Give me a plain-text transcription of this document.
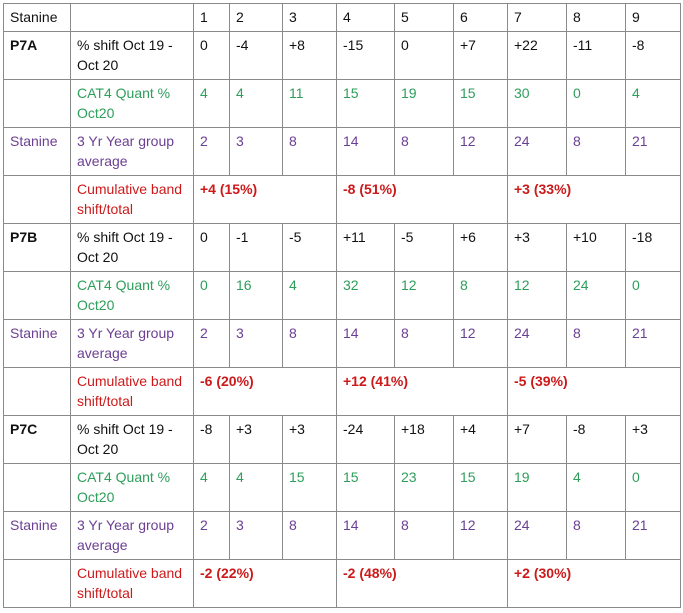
Stanine		1	2	3	4	5	6	7	8	9
P7A	% shift Oct 19 - Oct 20	0	-4	+8	-15	0	+7	+22	-11	-8
	CAT4 Quant % Oct20	4	4	11	15	19	15	30	0	4
Stanine	3 Yr Year group average	2	3	8	14	8	12	24	8	21
	Cumulative band shift/total	+4 (15%)			-8 (51%)			+3 (33%)		
P7B	% shift Oct 19 - Oct 20	0	-1	-5	+11	-5	+6	+3	+10	-18
	CAT4 Quant % Oct20	0	16	4	32	12	8	12	24	0
Stanine	3 Yr Year group average	2	3	8	14	8	12	24	8	21
	Cumulative band shift/total	-6 (20%)			+12 (41%)			-5 (39%)		
P7C	% shift Oct 19 - Oct 20	-8	+3	+3	-24	+18	+4	+7	-8	+3
	CAT4 Quant % Oct20	4	4	15	15	23	15	19	4	0
Stanine	3 Yr Year group average	2	3	8	14	8	12	24	8	21
	Cumulative band shift/total	-2 (22%)			-2 (48%)			+2 (30%)		
